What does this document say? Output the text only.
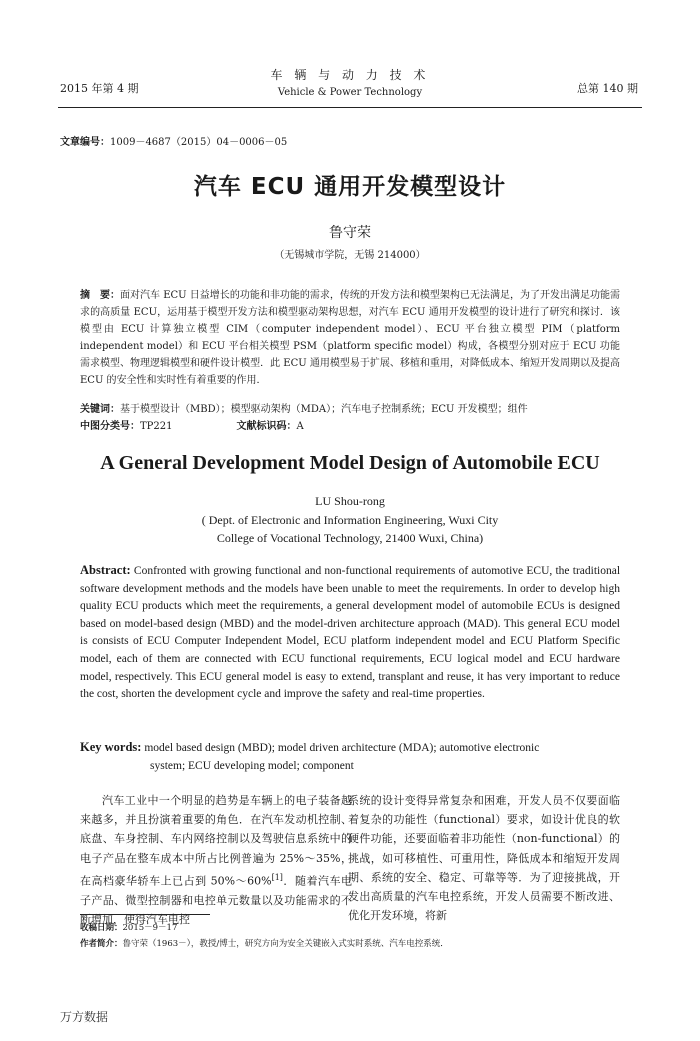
2015 年第 4 期
车 辆 与 动 力 技 术
Vehicle & Power Technology	总第 140 期
文章编号：1009－4687（2015）04－0006－05
汽车 ECU 通用开发模型设计
鲁守荣
（无锡城市学院，无锡 214000）
摘　要：面对汽车 ECU 日益增长的功能和非功能的需求，传统的开发方法和模型架构已无法满足，为了开发出满足功能需求的高质量 ECU，运用基于模型开发方法和模型驱动架构思想，对汽车 ECU 通用开发模型的设计进行了研究和探讨．该模型由 ECU 计算独立模型 CIM（computer independent model）、ECU 平台独立模型 PIM（platform independent model）和 ECU 平台相关模型 PSM（platform specific model）构成，各模型分别对应于 ECU 功能需求模型、物理逻辑模型和硬件设计模型．此 ECU 通用模型易于扩展、移植和重用，对降低成本、缩短开发周期以及提高 ECU 的安全性和实时性有着重要的作用．
关键词：基于模型设计（MBD）；模型驱动架构（MDA）；汽车电子控制系统；ECU 开发模型；组件
中图分类号：TP221	文献标识码：A
A General Development Model Design of Automobile ECU
LU Shou-rong
( Dept. of Electronic and Information Engineering, Wuxi City
College of Vocational Technology, 21400 Wuxi, China)
Abstract: Confronted with growing functional and non-functional requirements of automotive ECU, the traditional software development methods and the models have been unable to meet the requirements. In order to develop high quality ECU products which meet the requirements, a general development model of automobile ECUs is designed based on model-based design (MBD) and the model-driven architecture approach (MAD). This general ECU model is consists of ECU Computer Independent Model, ECU platform independent model and ECU Platform Specific model, each of them are connected with ECU functional requirements, ECU logical model and ECU hardware model, respectively. This ECU general model is easy to extend, transplant and reuse, it has very important to reduce the cost, shorten the development cycle and improve the safety and real-time properties.
Key words: model based design (MBD); model driven architecture (MDA); automotive electronic
system; ECU developing model; component
汽车工业中一个明显的趋势是车辆上的电子装备越来越多，并且扮演着重要的角色．在汽车发动机控制、底盘、车身控制、车内网络控制以及驾驶信息系统中的电子产品在整车成本中所占比例普遍为 25%～35%，在高档豪华轿车上已占到 50%～60%[1]．随着汽车电子产品、微型控制器和电控单元数量以及功能需求的不断增加，使得汽车电控
系统的设计变得异常复杂和困难，开发人员不仅要面临着复杂的功能性（functional）要求，如设计优良的软硬件功能，还要面临着非功能性（non-functional）的挑战，如可移植性、可重用性，降低成本和缩短开发周期、系统的安全、稳定、可靠等等．为了迎接挑战，开发出高质量的汽车电控系统，开发人员需要不断改进、优化开发环境，将新
收稿日期：2015－9－17
作者简介：鲁守荣（1963－），教授/博士，研究方向为安全关键嵌入式实时系统、汽车电控系统．
万方数据
